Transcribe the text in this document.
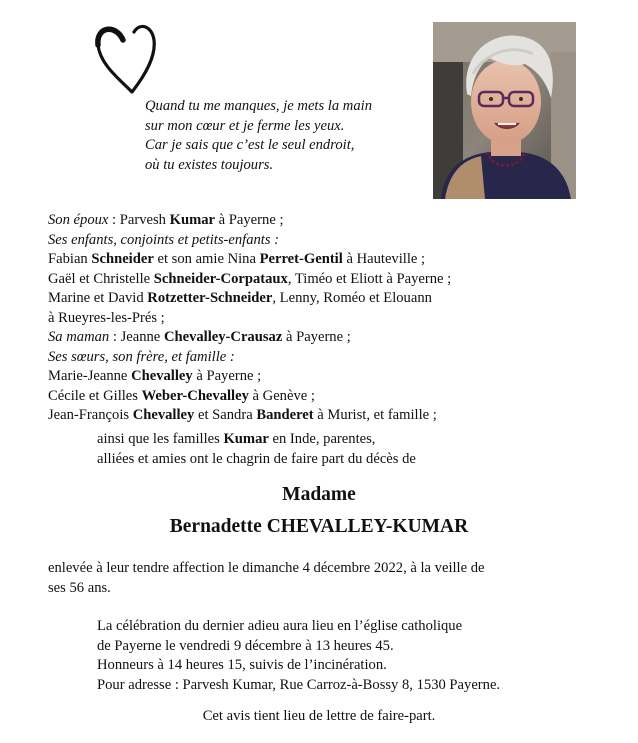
Quand tu me manques, je mets la main
sur mon cœur et je ferme les yeux.
Car je sais que c’est le seul endroit,
où tu existes toujours.
Son époux : Parvesh Kumar à Payerne ;
Ses enfants, conjoints et petits-enfants :
Fabian Schneider et son amie Nina Perret-Gentil à Hauteville ;
Gaël et Christelle Schneider-Corpataux, Timéo et Eliott à Payerne ;
Marine et David Rotzetter-Schneider, Lenny, Roméo et Elouann
à Rueyres-les-Prés ;
Sa maman : Jeanne Chevalley-Crausaz à Payerne ;
Ses sœurs, son frère, et famille :
Marie-Jeanne Chevalley à Payerne ;
Cécile et Gilles Weber-Chevalley à Genève ;
Jean-François Chevalley et Sandra Banderet à Murist, et famille ;
ainsi que les familles Kumar en Inde, parentes,
alliées et amies ont le chagrin de faire part du décès de
Madame
Bernadette CHEVALLEY-KUMAR
enlevée à leur tendre affection le dimanche 4 décembre 2022, à la veille de
ses 56 ans.
La célébration du dernier adieu aura lieu en l’église catholique
de Payerne le vendredi 9 décembre à 13 heures 45.
Honneurs à 14 heures 15, suivis de l’incinération.
Pour adresse : Parvesh Kumar, Rue Carroz-à-Bossy 8, 1530 Payerne.
Cet avis tient lieu de lettre de faire-part.
